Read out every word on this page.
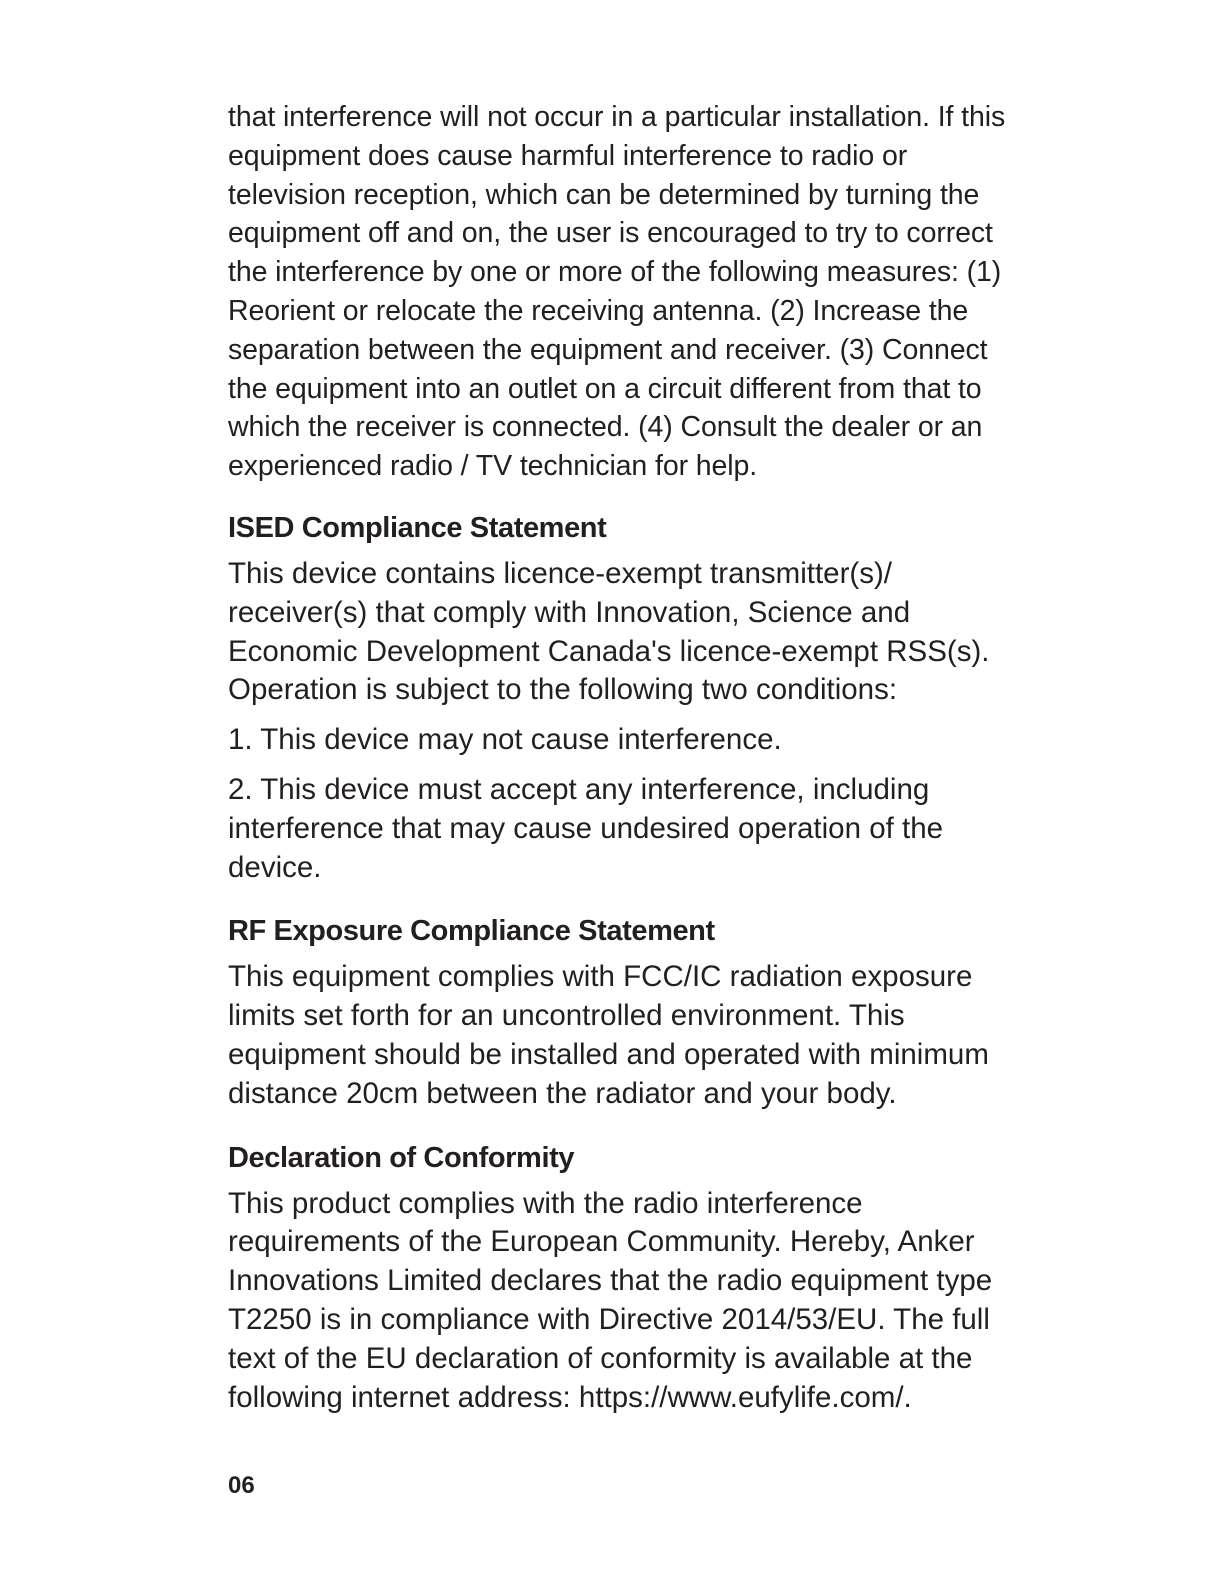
that interference will not occur in a particular installation. If this equipment does cause harmful interference to radio or television reception, which can be determined by turning the equipment off and on, the user is encouraged to try to correct the interference by one or more of the following measures: (1) Reorient or relocate the receiving antenna. (2) Increase the separation between the equipment and receiver. (3) Connect the equipment into an outlet on a circuit different from that to which the receiver is connected. (4) Consult the dealer or an experienced radio / TV technician for help.

ISED Compliance Statement

This device contains licence-exempt transmitter(s)/ receiver(s) that comply with Innovation, Science and Economic Development Canada's licence-exempt RSS(s). Operation is subject to the following two conditions:

1. This device may not cause interference.

2. This device must accept any interference, including interference that may cause undesired operation of the device.

RF Exposure Compliance Statement

This equipment complies with FCC/IC radiation exposure limits set forth for an uncontrolled environment. This equipment should be installed and operated with minimum distance 20cm between the radiator and your body.

Declaration of Conformity

This product complies with the radio interference requirements of the European Community. Hereby, Anker Innovations Limited declares that the radio equipment type T2250 is in compliance with Directive 2014/53/EU. The full text of the EU declaration of conformity is available at the following internet address: https://www.eufylife.com/.

06
